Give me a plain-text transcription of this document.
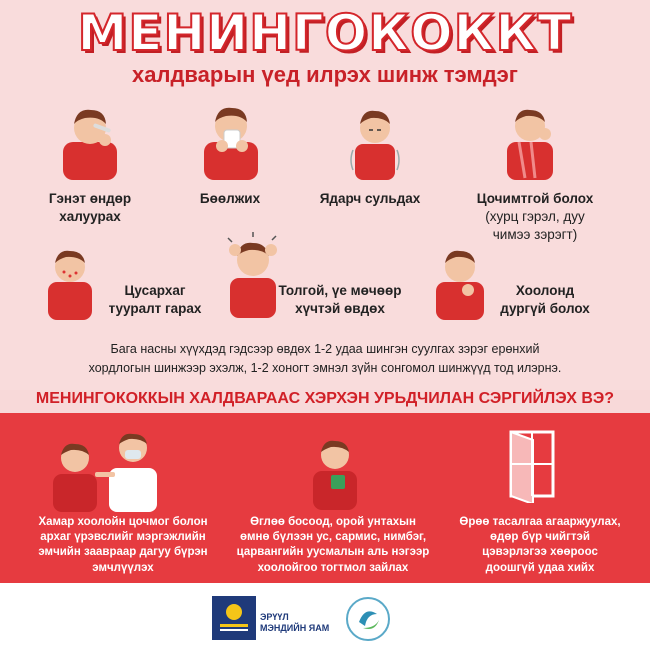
МЕНИНГОКОККТ
халдварын үед илрэх шинж тэмдэг
Гэнэт өндөр
халуурах
Бөөлжих	Ядарч сульдах	Цочимтгой болох
(хурц гэрэл, дуу
чимээ зэрэгт)
Цусархаг
тууралт гарах
Толгой, үе мөчөөр
хүчтэй өвдөх
Хоолонд
дургүй болох
Бага насны хүүхдэд гэдсээр өвдөх 1-2 удаа шингэн суулгах зэрэг ерөнхий
хордлогын шинжээр эхэлж, 1-2 хоногт эмнэл зүйн сонгомол шинжүүд тод илэрнэ.
МЕНИНГОКОККЫН ХАЛДВАРААС ХЭРХЭН УРЬДЧИЛАН СЭРГИЙЛЭХ ВЭ?
Хамар хоолойн цочмог болон
архаг үрэвслийг мэргэжлийн
эмчийн заавраар дагуу бүрэн
эмчлүүлэх
Өглөө босоод, орой унтахын
өмнө бүлээн ус, сармис, нимбэг,
царвангийн уусмалын аль нэгээр
хоолойгоо тогтмол зайлах
Өрөө тасалгаа агааржуулах,
өдөр бүр чийгтэй
цэвэрлэгээ хөөроос
доошгүй удаа хийх
ЭРҮҮЛ
МЭНДИЙН ЯАМ
